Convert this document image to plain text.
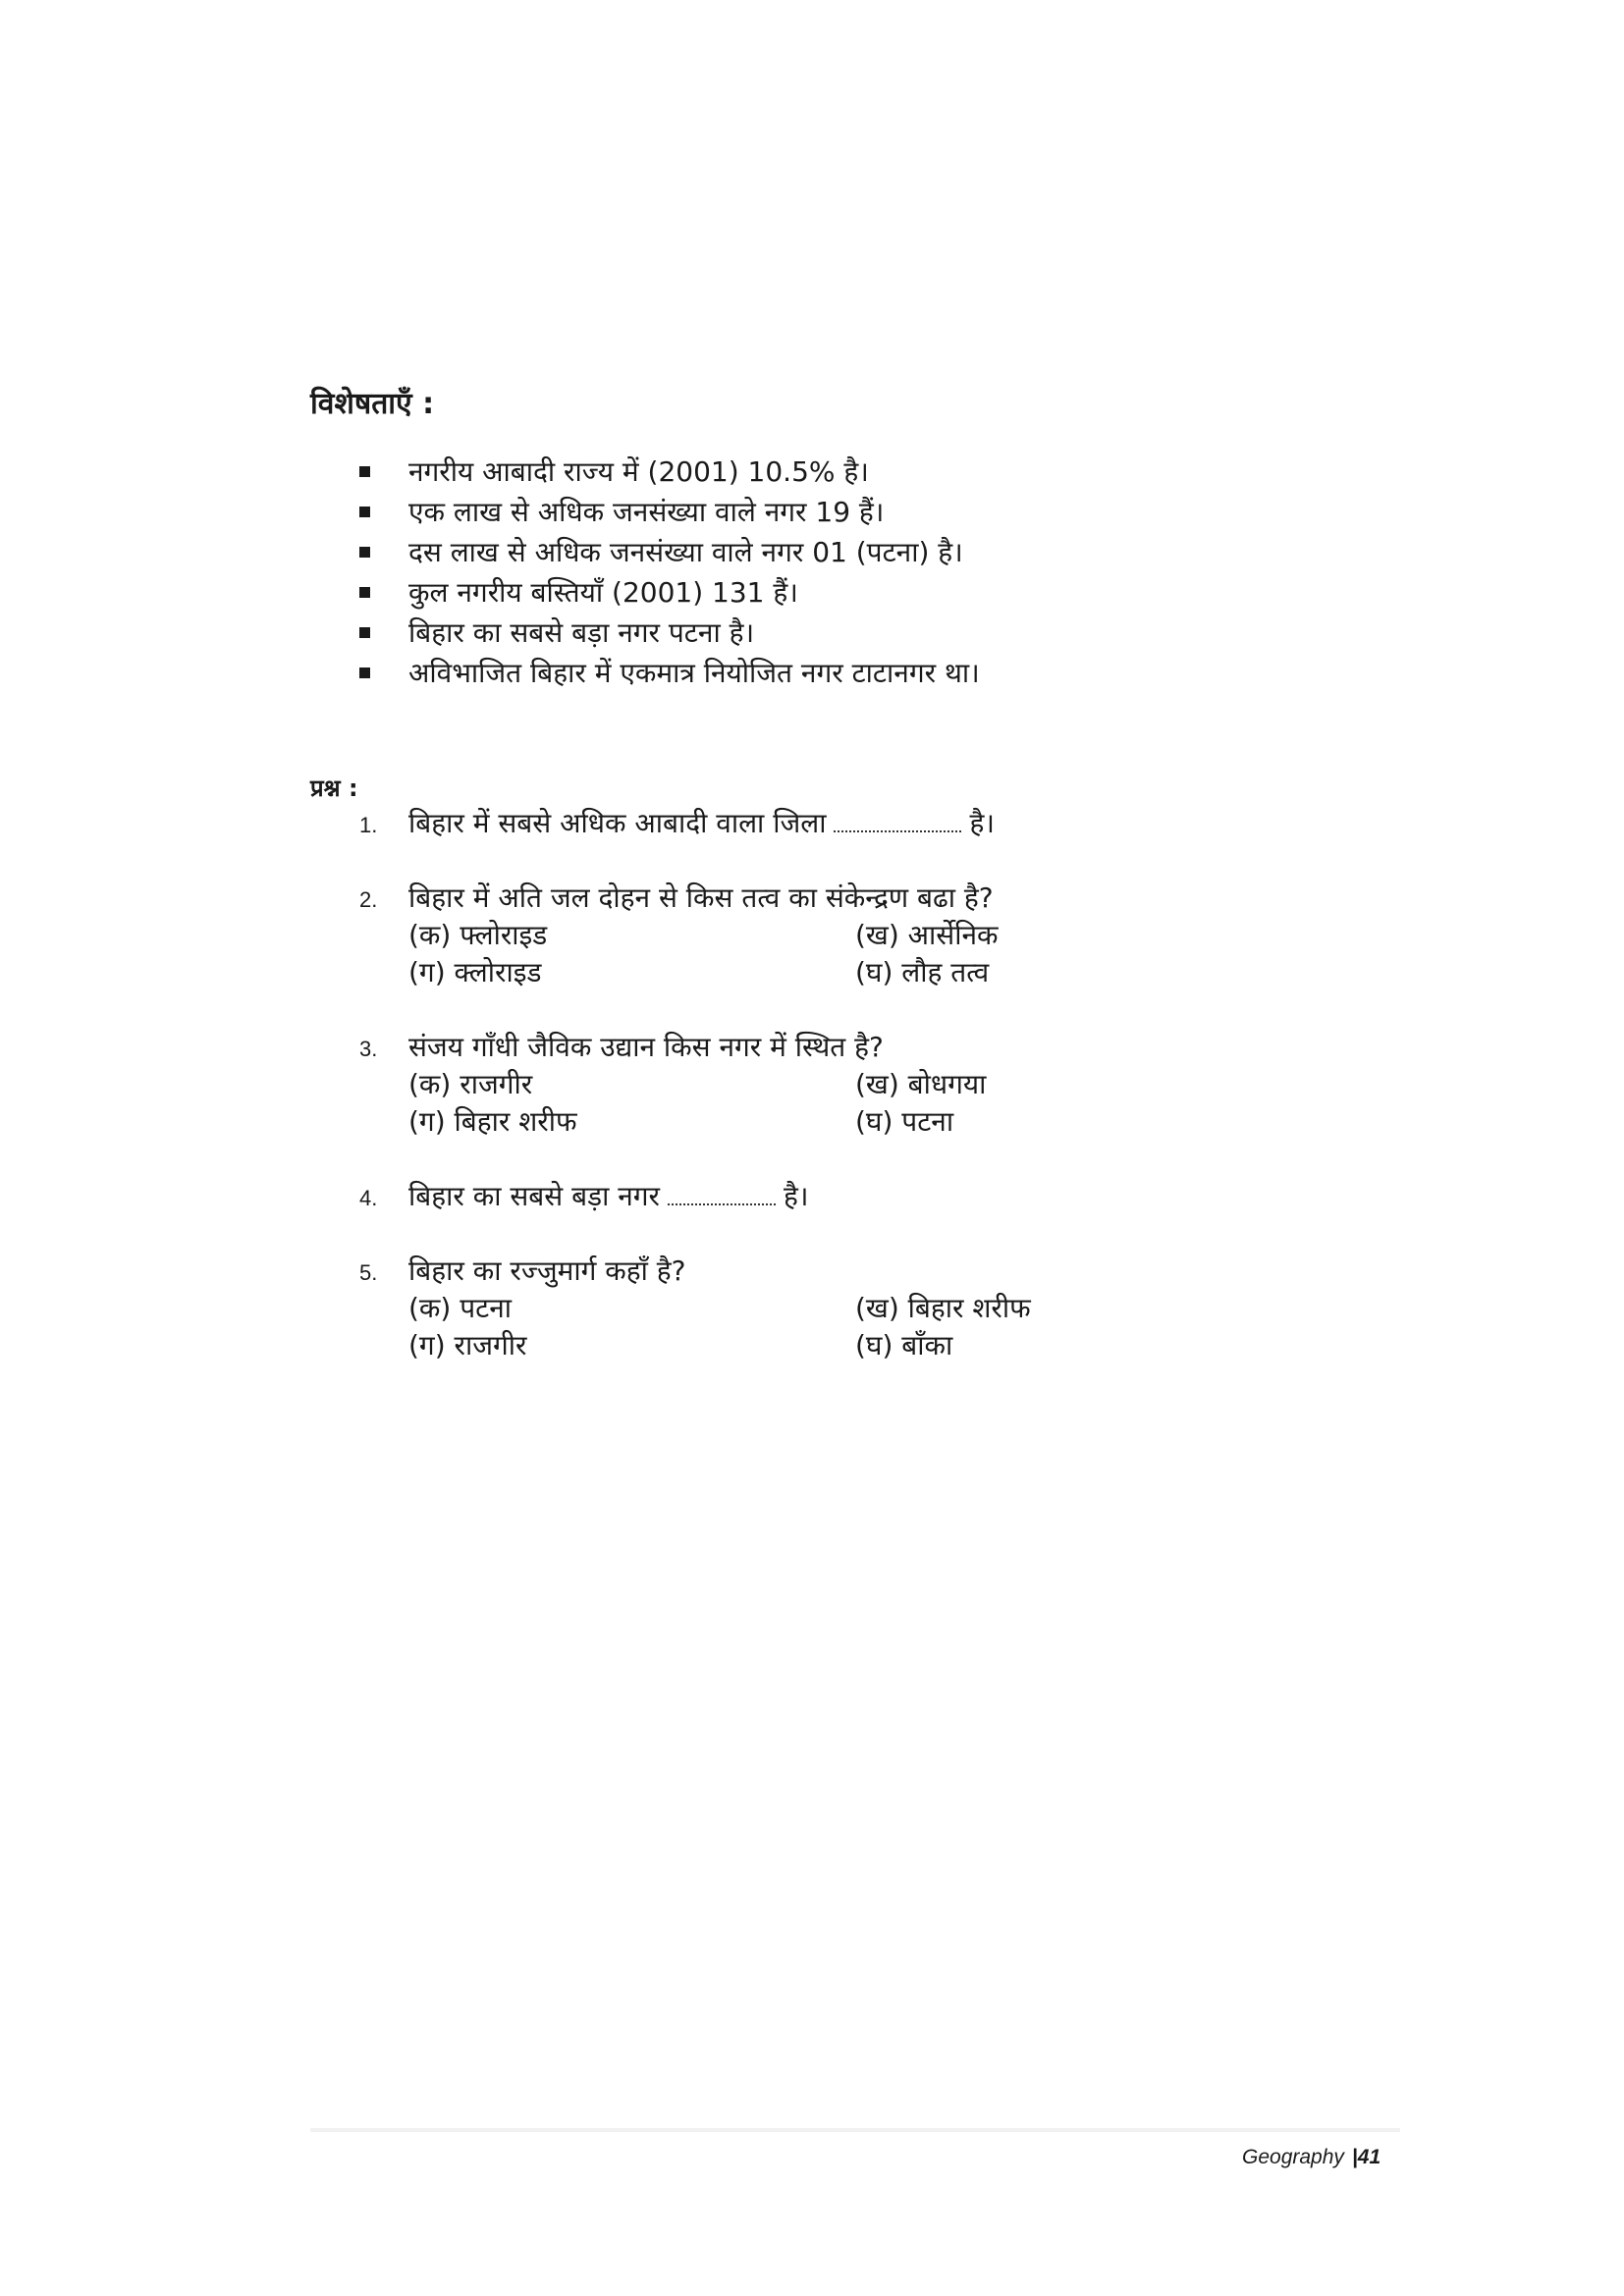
विशेषताएँ :
नगरीय आबादी राज्य में (2001) 10.5% है।
एक लाख से अधिक जनसंख्या वाले नगर 19 हैं।
दस लाख से अधिक जनसंख्या वाले नगर 01 (पटना) है।
कुल नगरीय बस्तियाँ (2001) 131 हैं।
बिहार का सबसे बड़ा नगर पटना है।
अविभाजित बिहार में एकमात्र नियोजित नगर टाटानगर था।
प्रश्न :
1. बिहार में सबसे अधिक आबादी वाला जिला	है।
2. बिहार में अति जल दोहन से किस तत्व का संकेन्द्रण बढा है?
(क) फ्लोराइड	(ख) आर्सेनिक
(ग) क्लोराइड	(घ) लौह तत्व
3. संजय गाँधी जैविक उद्यान किस नगर में स्थित है?
(क) राजगीर	(ख) बोधगया
(ग) बिहार शरीफ	(घ) पटना
4. बिहार का सबसे बड़ा नगर	है।
5. बिहार का रज्जुमार्ग कहाँ है?
(क) पटना	(ख) बिहार शरीफ
(ग) राजगीर	(घ) बाँका
Geography |41
